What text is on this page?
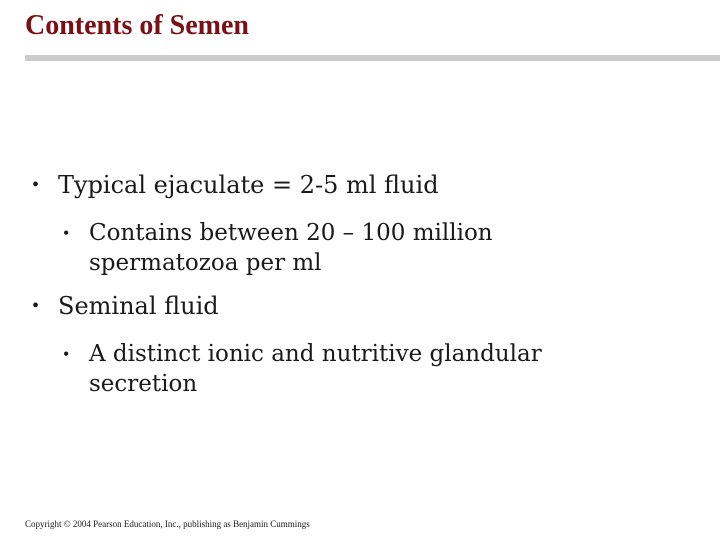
Contents of Semen
• Typical ejaculate = 2-5 ml fluid
• Contains between 20 – 100 million spermatozoa per ml
• Seminal fluid
• A distinct ionic and nutritive glandular secretion
Copyright © 2004 Pearson Education, Inc., publishing as Benjamin Cummings
